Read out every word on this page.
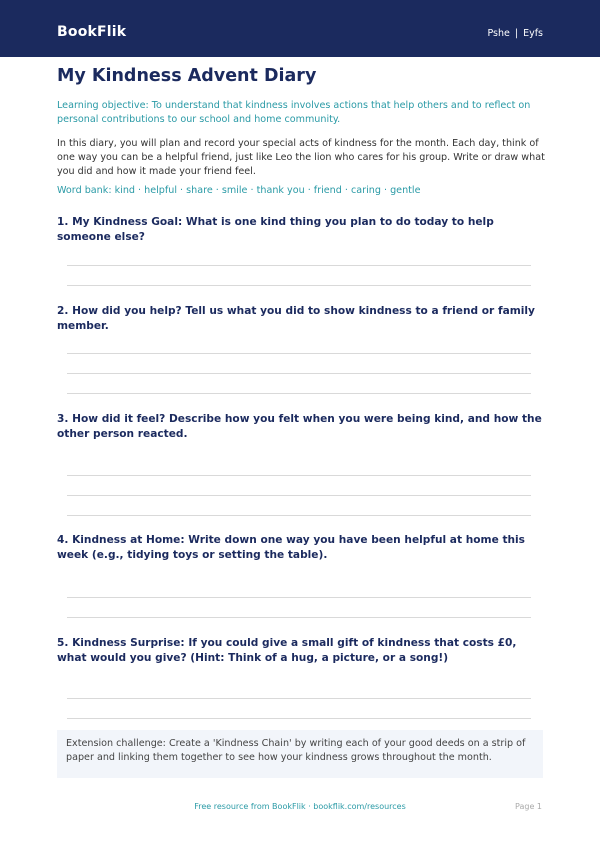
BookFlik	Pshe | Eyfs
My Kindness Advent Diary

Learning objective: To understand that kindness involves actions that help others and to reflect on personal contributions to our school and home community.

In this diary, you will plan and record your special acts of kindness for the month. Each day, think of one way you can be a helpful friend, just like Leo the lion who cares for his group. Write or draw what you did and how it made your friend feel.

Word bank: kind · helpful · share · smile · thank you · friend · caring · gentle

1. My Kindness Goal: What is one kind thing you plan to do today to help someone else?
2. How did you help? Tell us what you did to show kindness to a friend or family member.
3. How did it feel? Describe how you felt when you were being kind, and how the other person reacted.
4. Kindness at Home: Write down one way you have been helpful at home this week (e.g., tidying toys or setting the table).
5. Kindness Surprise: If you could give a small gift of kindness that costs £0, what would you give? (Hint: Think of a hug, a picture, or a song!)
Extension challenge: Create a 'Kindness Chain' by writing each of your good deeds on a strip of paper and linking them together to see how your kindness grows throughout the month.
Free resource from BookFlik · bookflik.com/resources	Page 1
